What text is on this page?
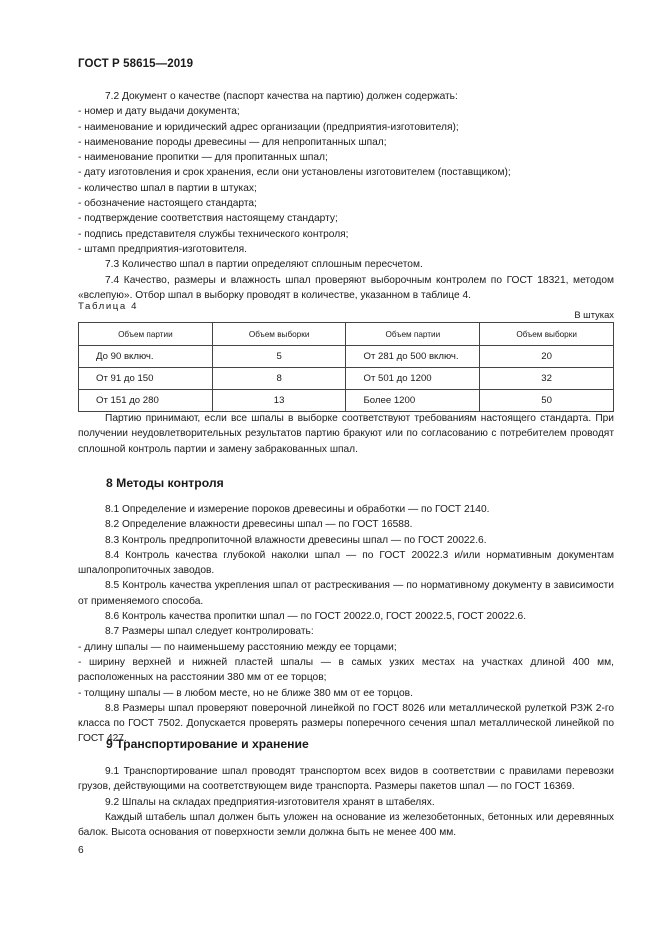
ГОСТ Р 58615—2019

7.2 Документ о качестве (паспорт качества на партию) должен содержать:

- номер и дату выдачи документа;

- наименование и юридический адрес организации (предприятия-изготовителя);

- наименование породы древесины — для непропитанных шпал;

- наименование пропитки — для пропитанных шпал;

- дату изготовления и срок хранения, если они установлены изготовителем (поставщиком);

- количество шпал в партии в штуках;

- обозначение настоящего стандарта;

- подтверждение соответствия настоящему стандарту;

- подпись представителя службы технического контроля;

- штамп предприятия-изготовителя.

7.3 Количество шпал в партии определяют сплошным пересчетом.

7.4 Качество, размеры и влажность шпал проверяют выборочным контролем по ГОСТ 18321, методом «вслепую». Отбор шпал в выборку проводят в количестве, указанном в таблице 4.

Таблица 4
В штуках
Объем партии	Объем выборки	Объем партии	Объем выборки
До 90 включ.	5	От 281 до 500 включ.	20
От 91 до 150	8	От 501 до 1200	32
От 151 до 280	13	Более 1200	50

Партию принимают, если все шпалы в выборке соответствуют требованиям настоящего стандарта. При получении неудовлетворительных результатов партию бракуют или по согласованию с потребителем проводят сплошной контроль партии и замену забракованных шпал.

8 Методы контроля

8.1 Определение и измерение пороков древесины и обработки — по ГОСТ 2140.

8.2 Определение влажности древесины шпал — по ГОСТ 16588.

8.3 Контроль предпропиточной влажности древесины шпал — по ГОСТ 20022.6.

8.4 Контроль качества глубокой наколки шпал — по ГОСТ 20022.3 и/или нормативным документам шпалопропиточных заводов.

8.5 Контроль качества укрепления шпал от растрескивания — по нормативному документу в зависимости от применяемого способа.

8.6 Контроль качества пропитки шпал — по ГОСТ 20022.0, ГОСТ 20022.5, ГОСТ 20022.6.

8.7 Размеры шпал следует контролировать:

- длину шпалы — по наименьшему расстоянию между ее торцами;

- ширину верхней и нижней пластей шпалы — в самых узких местах на участках длиной 400 мм, расположенных на расстоянии 380 мм от ее торцов;

- толщину шпалы — в любом месте, но не ближе 380 мм от ее торцов.

8.8 Размеры шпал проверяют поверочной линейкой по ГОСТ 8026 или металлической рулеткой РЗЖ 2-го класса по ГОСТ 7502. Допускается проверять размеры поперечного сечения шпал металлической линейкой по ГОСТ 427.

9 Транспортирование и хранение

9.1 Транспортирование шпал проводят транспортом всех видов в соответствии с правилами перевозки грузов, действующими на соответствующем виде транспорта. Размеры пакетов шпал — по ГОСТ 16369.

9.2 Шпалы на складах предприятия-изготовителя хранят в штабелях.

Каждый штабель шпал должен быть уложен на основание из железобетонных, бетонных или деревянных балок. Высота основания от поверхности земли должна быть не менее 400 мм.

6
